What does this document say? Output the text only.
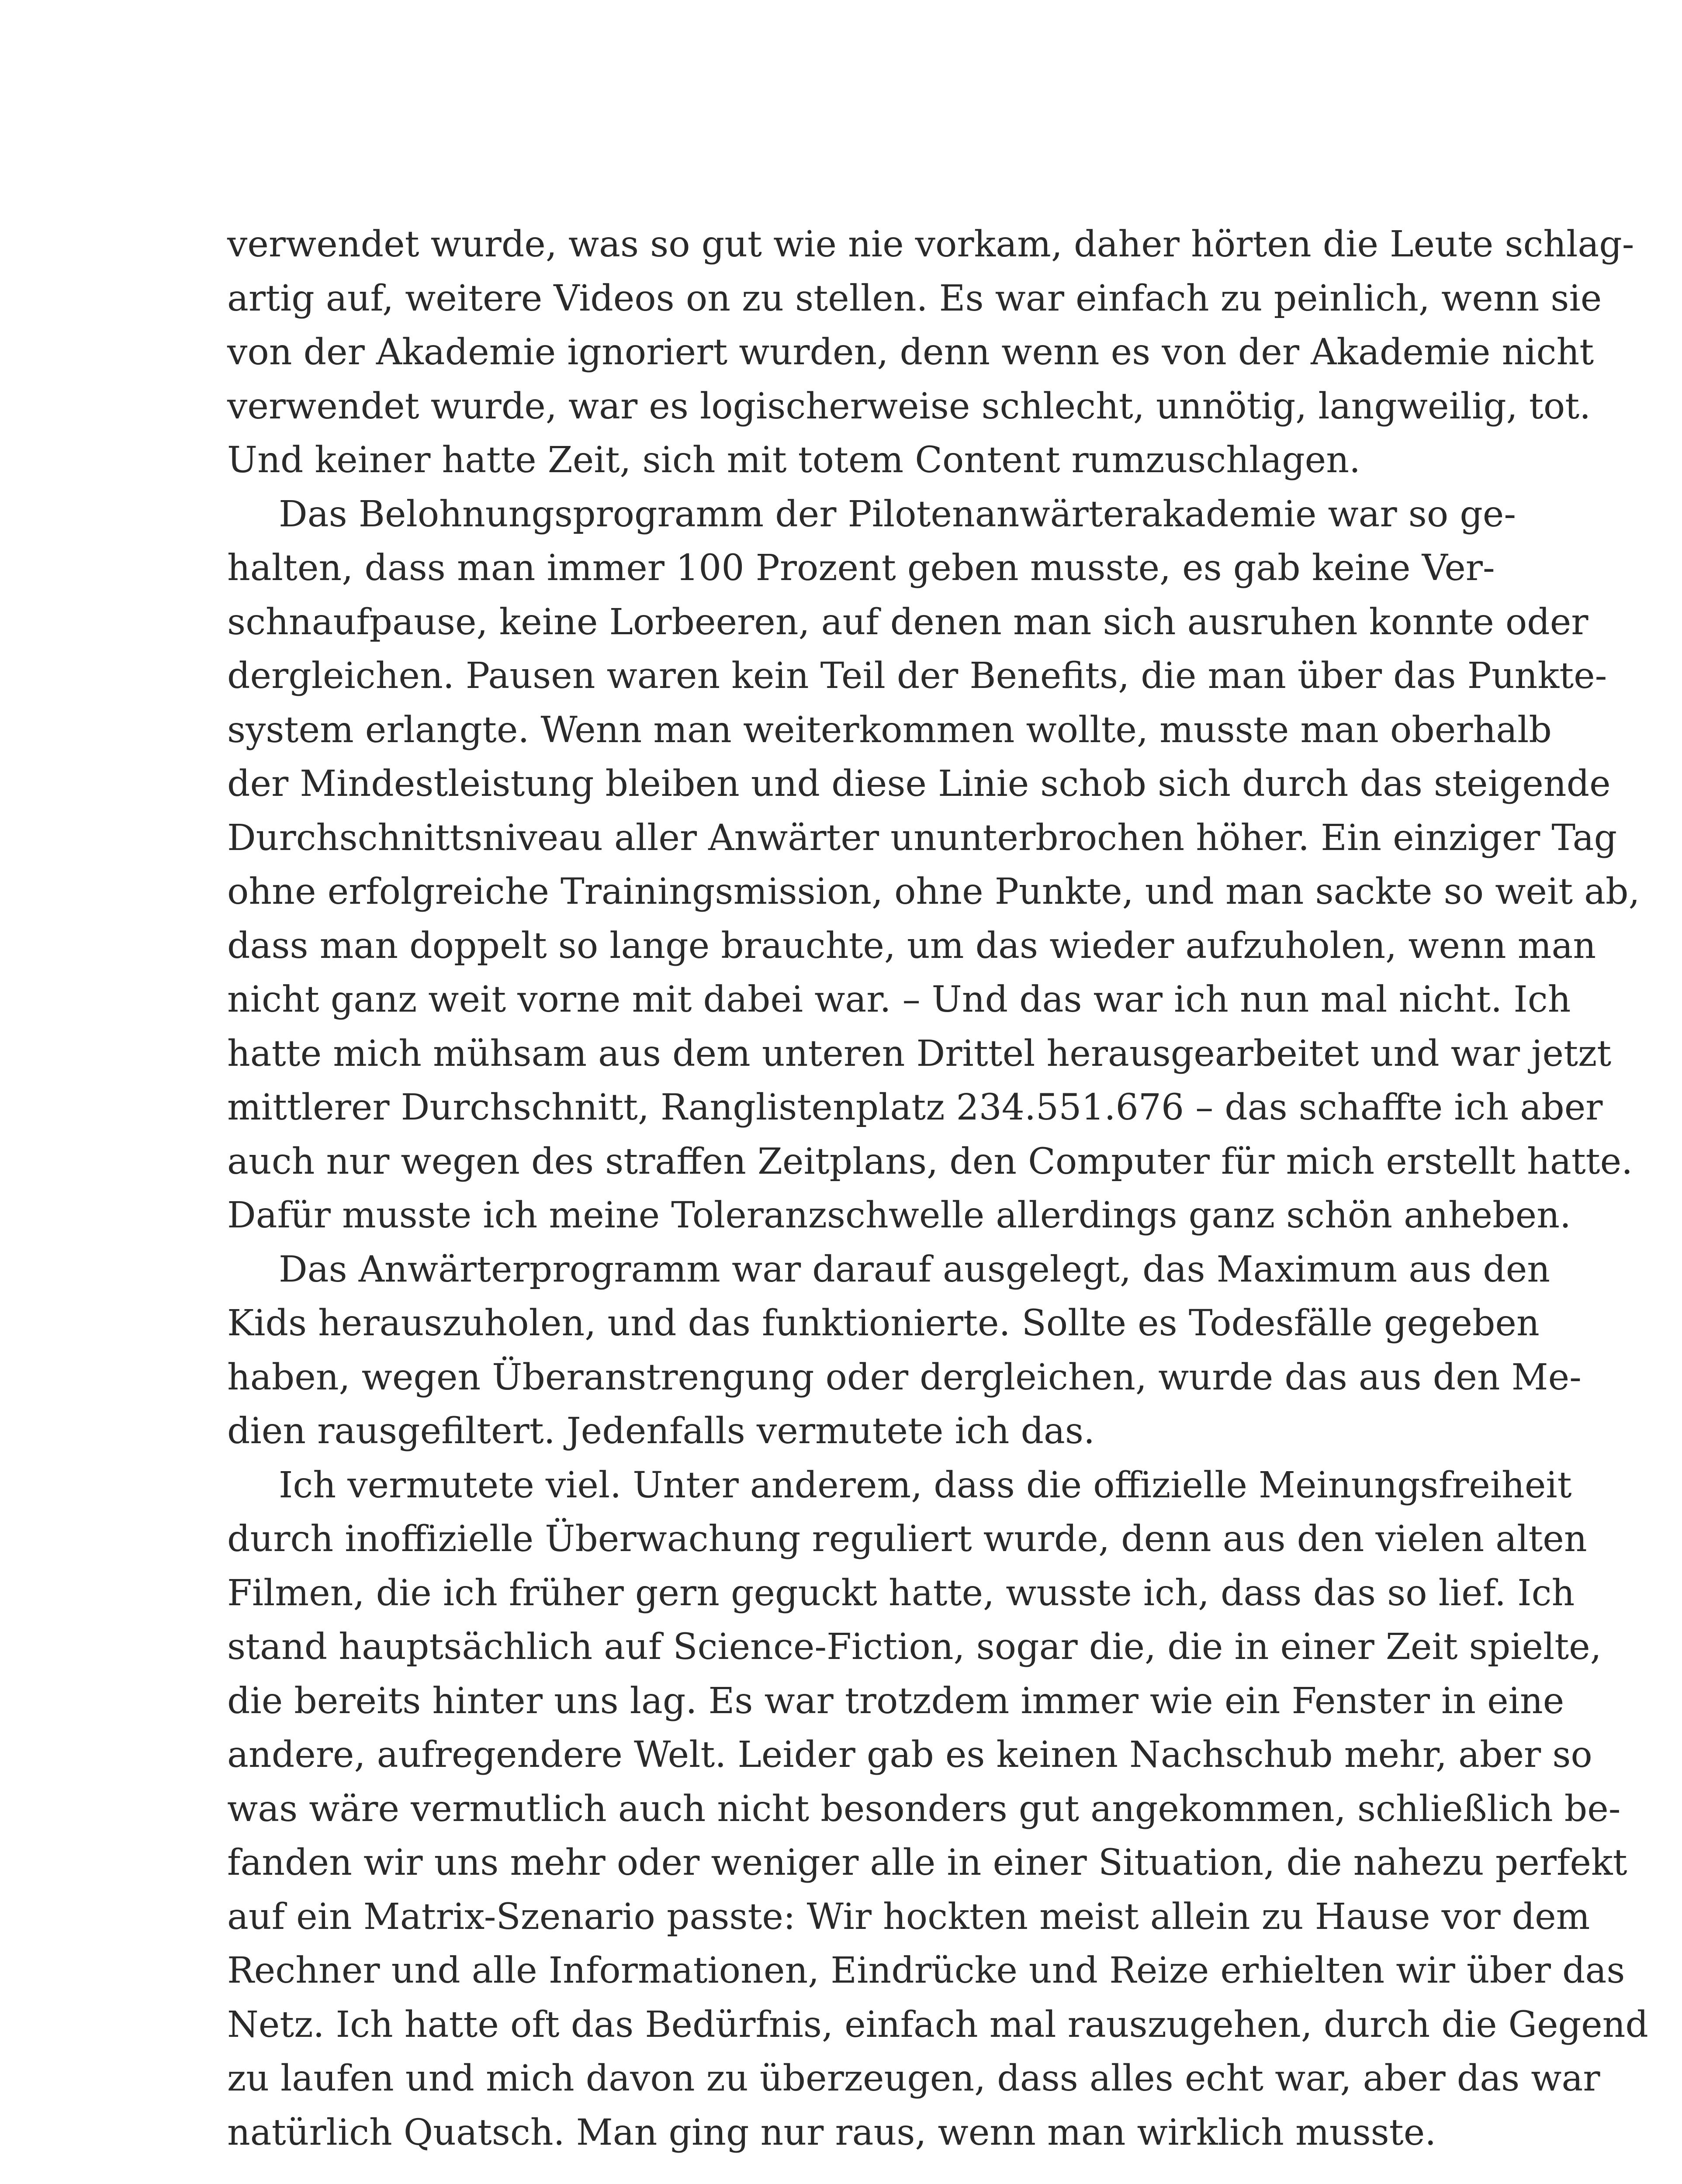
verwendet wurde, was so gut wie nie vorkam, daher hörten die Leute schlag-
artig auf, weitere Videos on zu stellen. Es war einfach zu peinlich, wenn sie
von der Akademie ignoriert wurden, denn wenn es von der Akademie nicht
verwendet wurde, war es logischerweise schlecht, unnötig, langweilig, tot.
Und keiner hatte Zeit, sich mit totem Content rumzuschlagen.
Das Belohnungsprogramm der Pilotenanwärterakademie war so ge-
halten, dass man immer 100 Prozent geben musste, es gab keine Ver-
schnaufpause, keine Lorbeeren, auf denen man sich ausruhen konnte oder
dergleichen. Pausen waren kein Teil der Benefits, die man über das Punkte-
system erlangte. Wenn man weiterkommen wollte, musste man oberhalb
der Mindestleistung bleiben und diese Linie schob sich durch das steigende
Durchschnittsniveau aller Anwärter ununterbrochen höher. Ein einziger Tag
ohne erfolgreiche Trainingsmission, ohne Punkte, und man sackte so weit ab,
dass man doppelt so lange brauchte, um das wieder aufzuholen, wenn man
nicht ganz weit vorne mit dabei war. – Und das war ich nun mal nicht. Ich
hatte mich mühsam aus dem unteren Drittel herausgearbeitet und war jetzt
mittlerer Durchschnitt, Ranglistenplatz 234.551.676 – das schaffte ich aber
auch nur wegen des straffen Zeitplans, den Computer für mich erstellt hatte.
Dafür musste ich meine Toleranzschwelle allerdings ganz schön anheben.
Das Anwärterprogramm war darauf ausgelegt, das Maximum aus den
Kids herauszuholen, und das funktionierte. Sollte es Todesfälle gegeben
haben, wegen Überanstrengung oder dergleichen, wurde das aus den Me-
dien rausgefiltert. Jedenfalls vermutete ich das.
Ich vermutete viel. Unter anderem, dass die offizielle Meinungsfreiheit
durch inoffizielle Überwachung reguliert wurde, denn aus den vielen alten
Filmen, die ich früher gern geguckt hatte, wusste ich, dass das so lief. Ich
stand hauptsächlich auf Science-Fiction, sogar die, die in einer Zeit spielte,
die bereits hinter uns lag. Es war trotzdem immer wie ein Fenster in eine
andere, aufregendere Welt. Leider gab es keinen Nachschub mehr, aber so
was wäre vermutlich auch nicht besonders gut angekommen, schließlich be-
fanden wir uns mehr oder weniger alle in einer Situation, die nahezu perfekt
auf ein Matrix-Szenario passte: Wir hockten meist allein zu Hause vor dem
Rechner und alle Informationen, Eindrücke und Reize erhielten wir über das
Netz. Ich hatte oft das Bedürfnis, einfach mal rauszugehen, durch die Gegend
zu laufen und mich davon zu überzeugen, dass alles echt war, aber das war
natürlich Quatsch. Man ging nur raus, wenn man wirklich musste.
